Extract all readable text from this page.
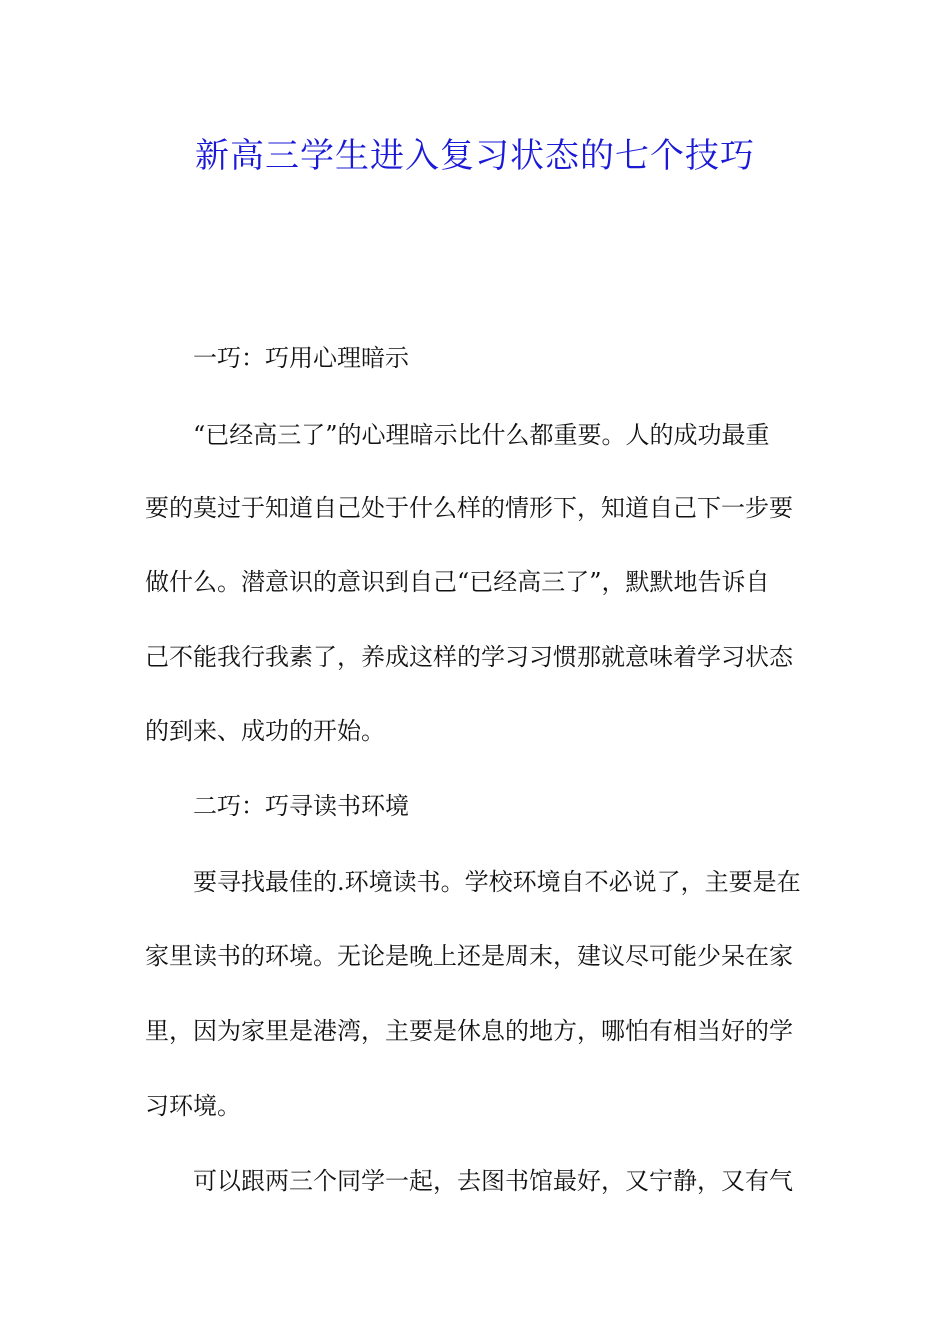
新高三学生进入复习状态的七个技巧
一巧：巧用心理暗示
“已经高三了”的心理暗示比什么都重要。人的成功最重
要的莫过于知道自己处于什么样的情形下，知道自己下一步要
做什么。潜意识的意识到自己“已经高三了”，默默地告诉自
己不能我行我素了，养成这样的学习习惯那就意味着学习状态
的到来、成功的开始。
二巧：巧寻读书环境
要寻找最佳的.环境读书。学校环境自不必说了，主要是在
家里读书的环境。无论是晚上还是周末，建议尽可能少呆在家
里，因为家里是港湾，主要是休息的地方，哪怕有相当好的学
习环境。
可以跟两三个同学一起，去图书馆最好，又宁静，又有气
